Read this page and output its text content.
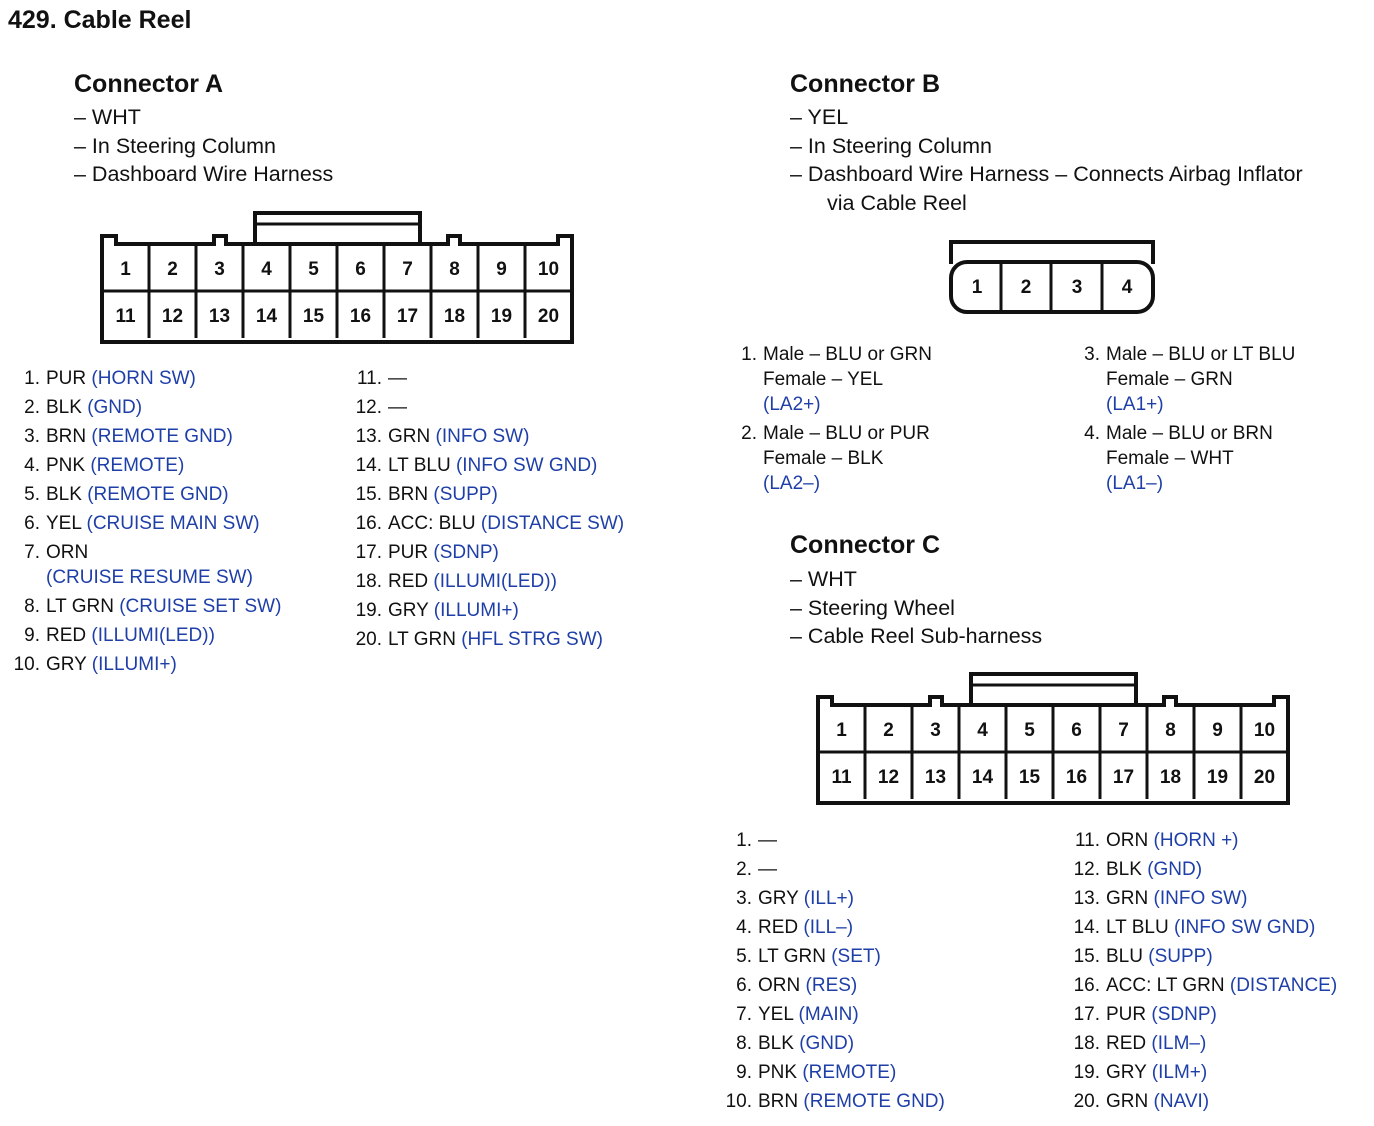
429. Cable Reel
Connector A
– WHT
– In Steering Column
– Dashboard Wire Harness
1 2 3 4 5 6 7 8 9 10
11 12 13 14 15 16 17 18 19 20
1. PUR (HORN SW)
2. BLK (GND)
3. BRN (REMOTE GND)
4. PNK (REMOTE)
5. BLK (REMOTE GND)
6. YEL (CRUISE MAIN SW)
7. ORN
(CRUISE RESUME SW)
8. LT GRN (CRUISE SET SW)
9. RED (ILLUMI(LED))
10. GRY (ILLUMI+)
11. —
12. —
13. GRN (INFO SW)
14. LT BLU (INFO SW GND)
15. BRN (SUPP)
16. ACC: BLU (DISTANCE SW)
17. PUR (SDNP)
18. RED (ILLUMI(LED))
19. GRY (ILLUMI+)
20. LT GRN (HFL STRG SW)
Connector B
– YEL
– In Steering Column
– Dashboard Wire Harness – Connects Airbag Inflator
via Cable Reel
1 2 3 4
1. Male – BLU or GRN
Female – YEL
(LA2+)
2. Male – BLU or PUR
Female – BLK
(LA2–)
3. Male – BLU or LT BLU
Female – GRN
(LA1+)
4. Male – BLU or BRN
Female – WHT
(LA1–)
Connector C
– WHT
– Steering Wheel
– Cable Reel Sub-harness
1 2 3 4 5 6 7 8 9 10
11 12 13 14 15 16 17 18 19 20
1. —
2. —
3. GRY (ILL+)
4. RED (ILL–)
5. LT GRN (SET)
6. ORN (RES)
7. YEL (MAIN)
8. BLK (GND)
9. PNK (REMOTE)
10. BRN (REMOTE GND)
11. ORN (HORN +)
12. BLK (GND)
13. GRN (INFO SW)
14. LT BLU (INFO SW GND)
15. BLU (SUPP)
16. ACC: LT GRN (DISTANCE)
17. PUR (SDNP)
18. RED (ILM–)
19. GRY (ILM+)
20. GRN (NAVI)
